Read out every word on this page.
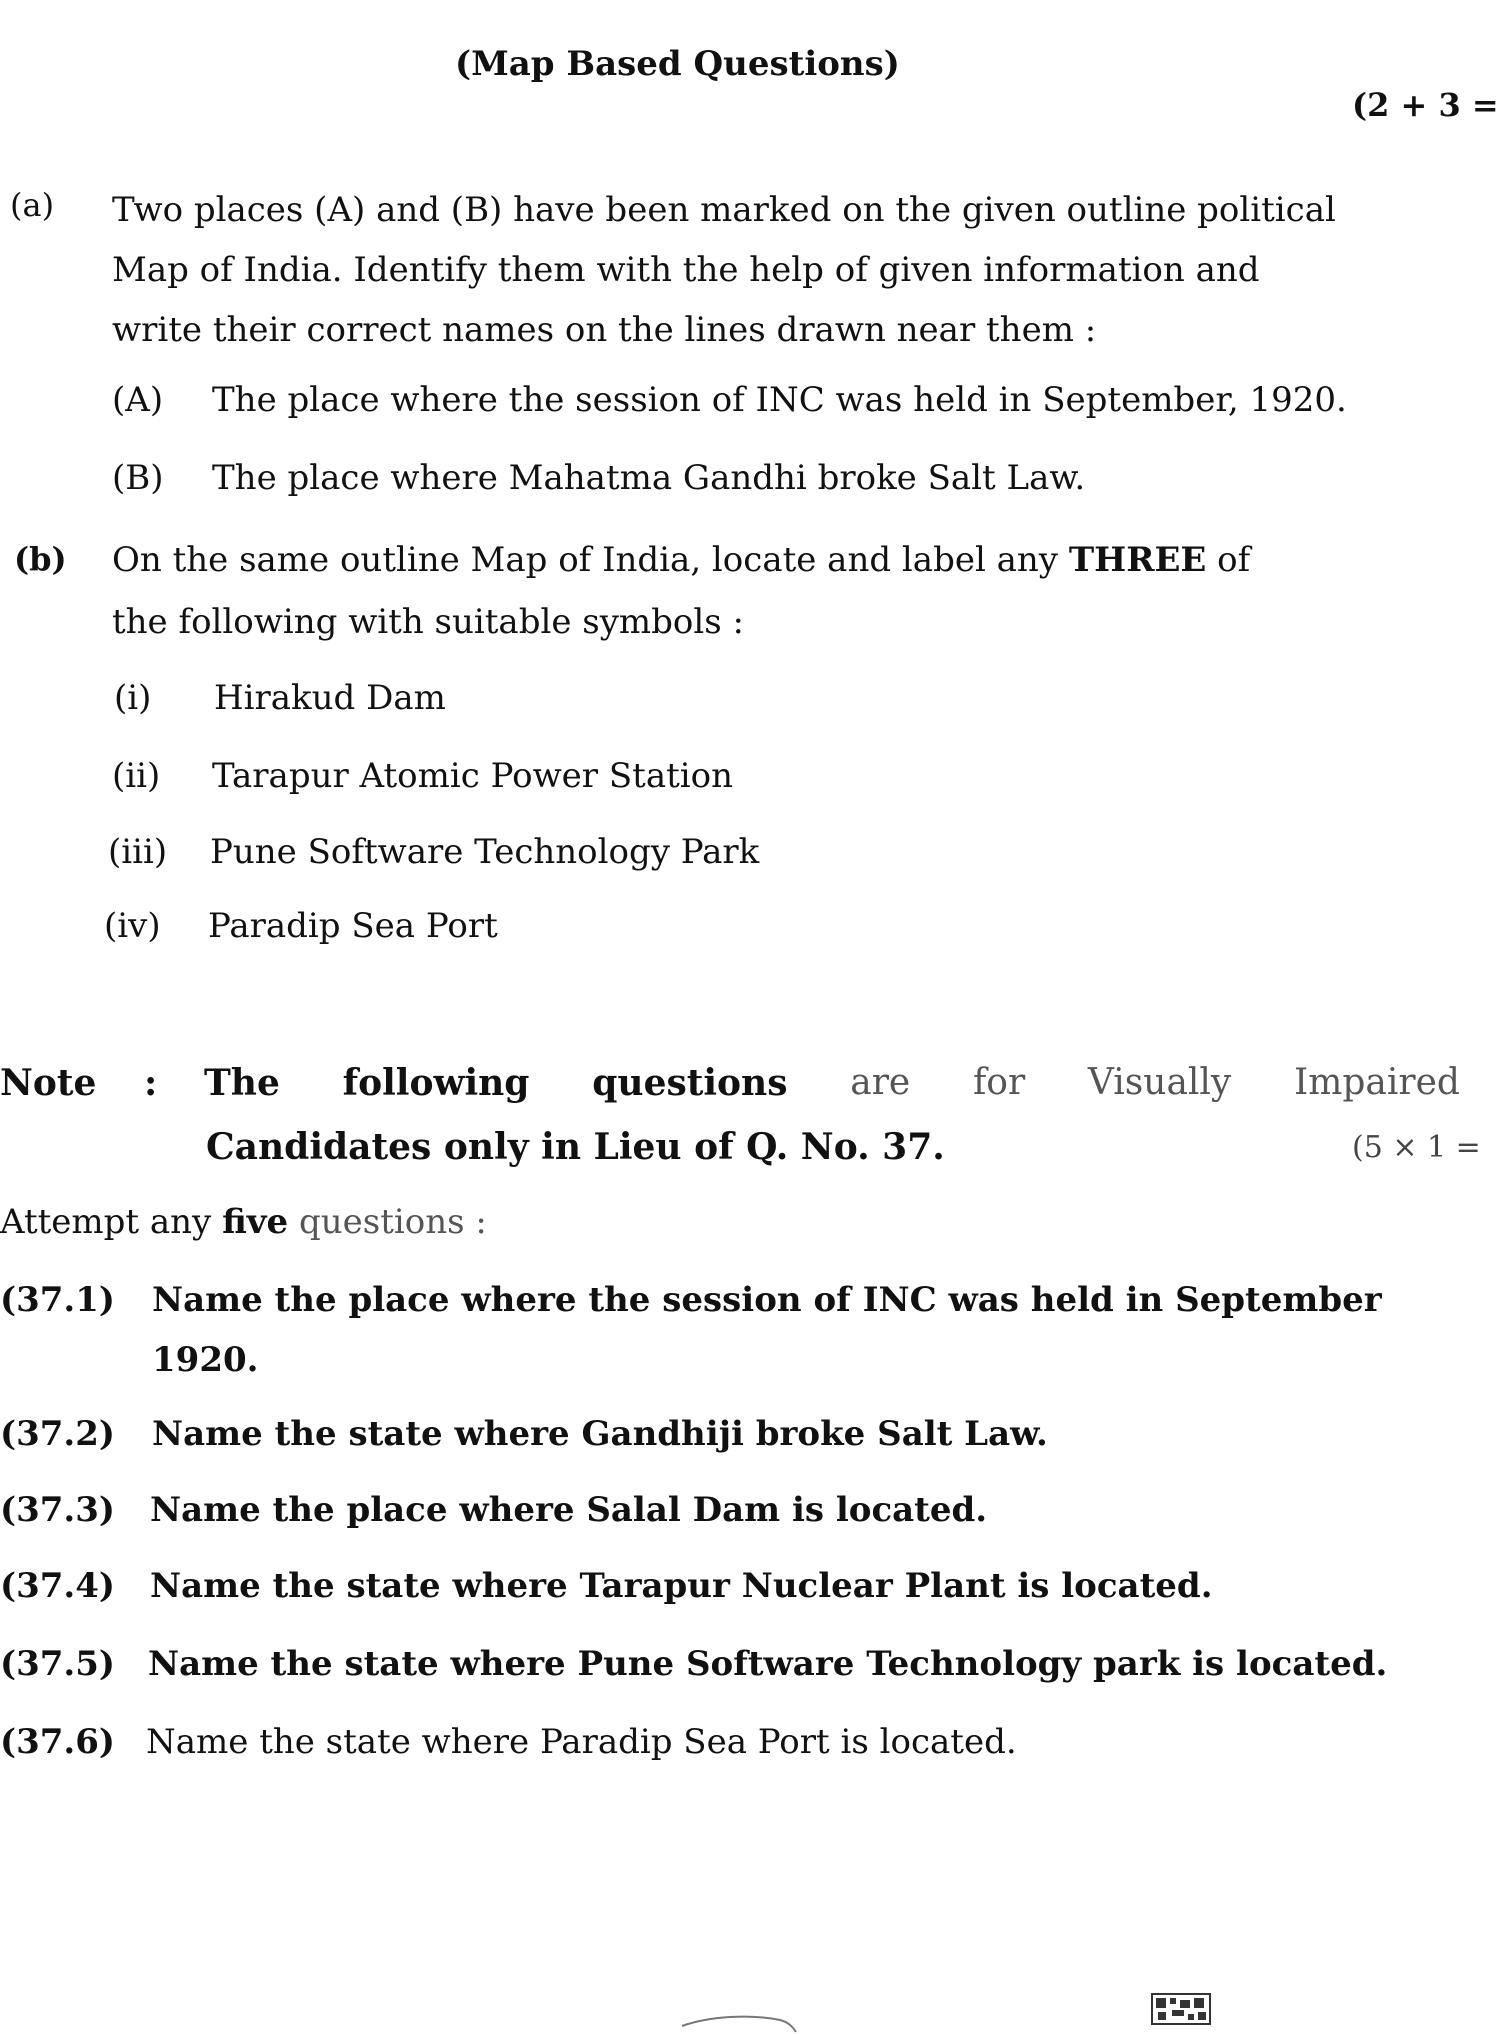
(Map Based Questions)
(2 + 3 =
(a) Two places (A) and (B) have been marked on the given outline political
Map of India. Identify them with the help of given information and
write their correct names on the lines drawn near them :
(A) The place where the session of INC was held in September, 1920.
(B) The place where Mahatma Gandhi broke Salt Law.
(b) On the same outline Map of India, locate and label any THREE of
the following with suitable symbols :
(i) Hirakud Dam
(ii) Tarapur Atomic Power Station
(iii) Pune Software Technology Park
(iv) Paradip Sea Port
Note : The following questions are for Visually Impaired
Candidates only in Lieu of Q. No. 37.	(5 × 1 =
Attempt any five questions :
(37.1) Name the place where the session of INC was held in September
1920.
(37.2) Name the state where Gandhiji broke Salt Law.
(37.3) Name the place where Salal Dam is located.
(37.4) Name the state where Tarapur Nuclear Plant is located.
(37.5) Name the state where Pune Software Technology park is located.
(37.6) Name the state where Paradip Sea Port is located.
